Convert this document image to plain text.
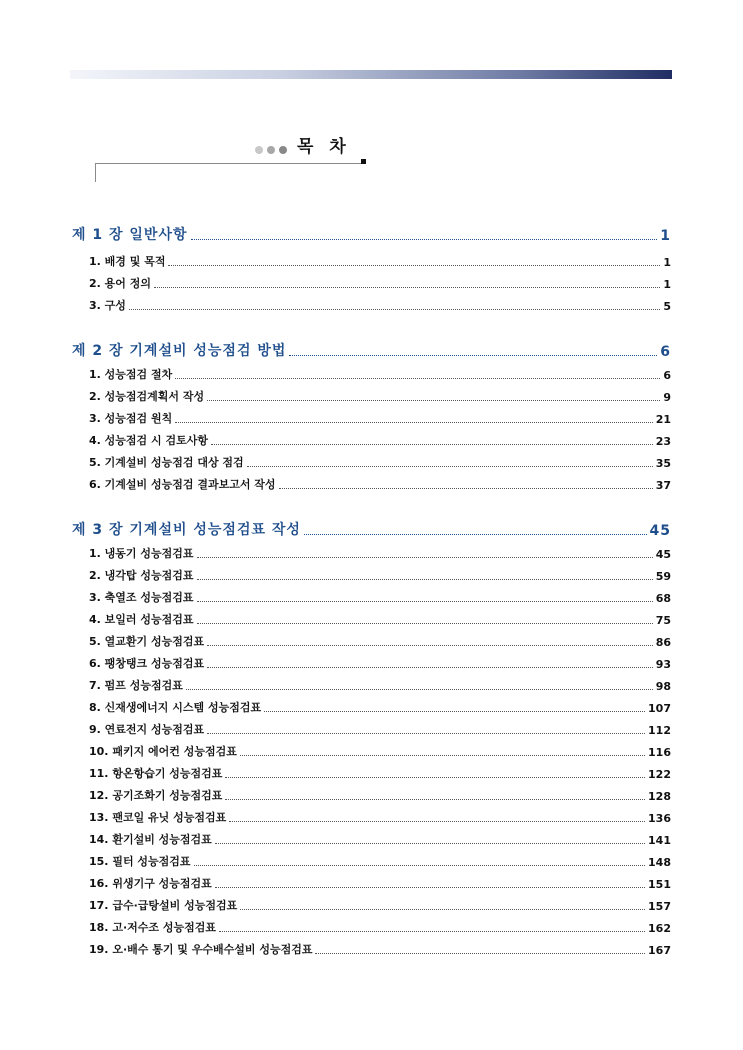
목 차
제 1 장 일반사항	1
1. 배경 및 목적	1
2. 용어 정의	1
3. 구성	5
제 2 장 기계설비 성능점검 방법	6
1. 성능점검 절차	6
2. 성능점검계획서 작성	9
3. 성능점검 원칙	21
4. 성능점검 시 검토사항	23
5. 기계설비 성능점검 대상 점검	35
6. 기계설비 성능점검 결과보고서 작성	37
제 3 장 기계설비 성능점검표 작성	45
1. 냉동기 성능점검표	45
2. 냉각탑 성능점검표	59
3. 축열조 성능점검표	68
4. 보일러 성능점검표	75
5. 열교환기 성능점검표	86
6. 팽창탱크 성능점검표	93
7. 펌프 성능점검표	98
8. 신재생에너지 시스템 성능점검표	107
9. 연료전지 성능점검표	112
10. 패키지 에어컨 성능점검표	116
11. 항온항습기 성능점검표	122
12. 공기조화기 성능점검표	128
13. 팬코일 유닛 성능점검표	136
14. 환기설비 성능점검표	141
15. 필터 성능점검표	148
16. 위생기구 성능점검표	151
17. 급수·급탕설비 성능점검표	157
18. 고·저수조 성능점검표	162
19. 오·배수 통기 및 우수배수설비 성능점검표	167
